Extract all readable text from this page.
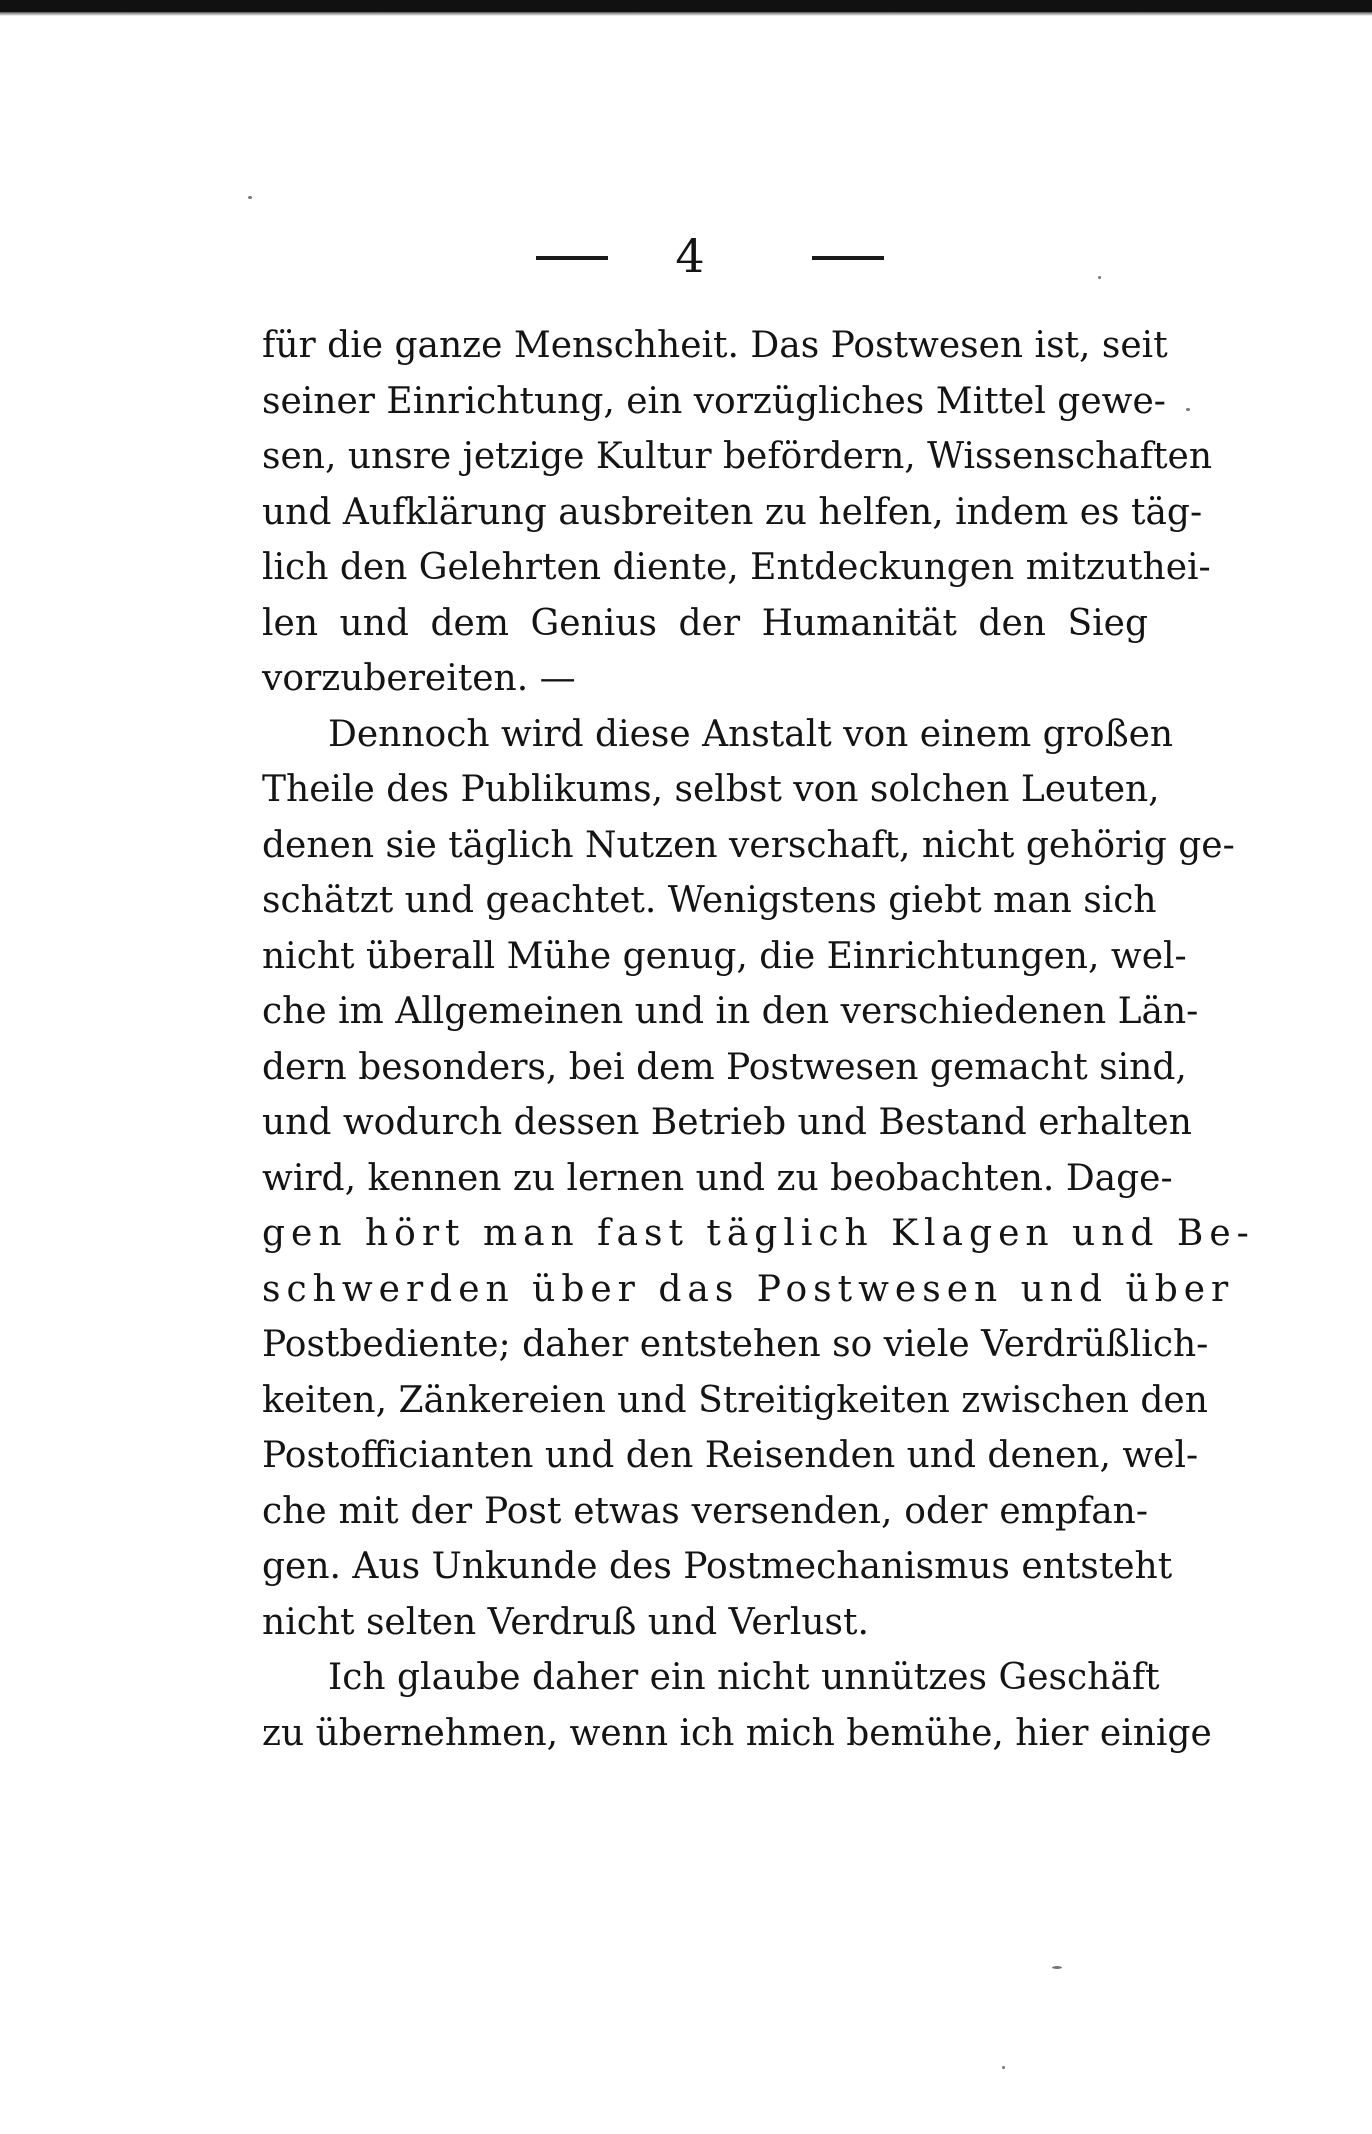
4
für die ganze Menschheit. Das Postwesen ist, seit
seiner Einrichtung, ein vorzügliches Mittel gewe-
sen, unsre jetzige Kultur befördern, Wissenschaften
und Aufklärung ausbreiten zu helfen, indem es täg-
lich den Gelehrten diente, Entdeckungen mitzuthei-
len und dem Genius der Humanität den Sieg
vorzubereiten. —
Dennoch wird diese Anstalt von einem großen
Theile des Publikums, selbst von solchen Leuten,
denen sie täglich Nutzen verschaft, nicht gehörig ge-
schätzt und geachtet. Wenigstens giebt man sich
nicht überall Mühe genug, die Einrichtungen, wel-
che im Allgemeinen und in den verschiedenen Län-
dern besonders, bei dem Postwesen gemacht sind,
und wodurch dessen Betrieb und Bestand erhalten
wird, kennen zu lernen und zu beobachten. Dage-
gen hört man fast täglich Klagen und Be-
schwerden über das Postwesen und über
Postbediente; daher entstehen so viele Verdrüßlich-
keiten, Zänkereien und Streitigkeiten zwischen den
Postofficianten und den Reisenden und denen, wel-
che mit der Post etwas versenden, oder empfan-
gen. Aus Unkunde des Postmechanismus entsteht
nicht selten Verdruß und Verlust.
Ich glaube daher ein nicht unnützes Geschäft
zu übernehmen, wenn ich mich bemühe, hier einige
